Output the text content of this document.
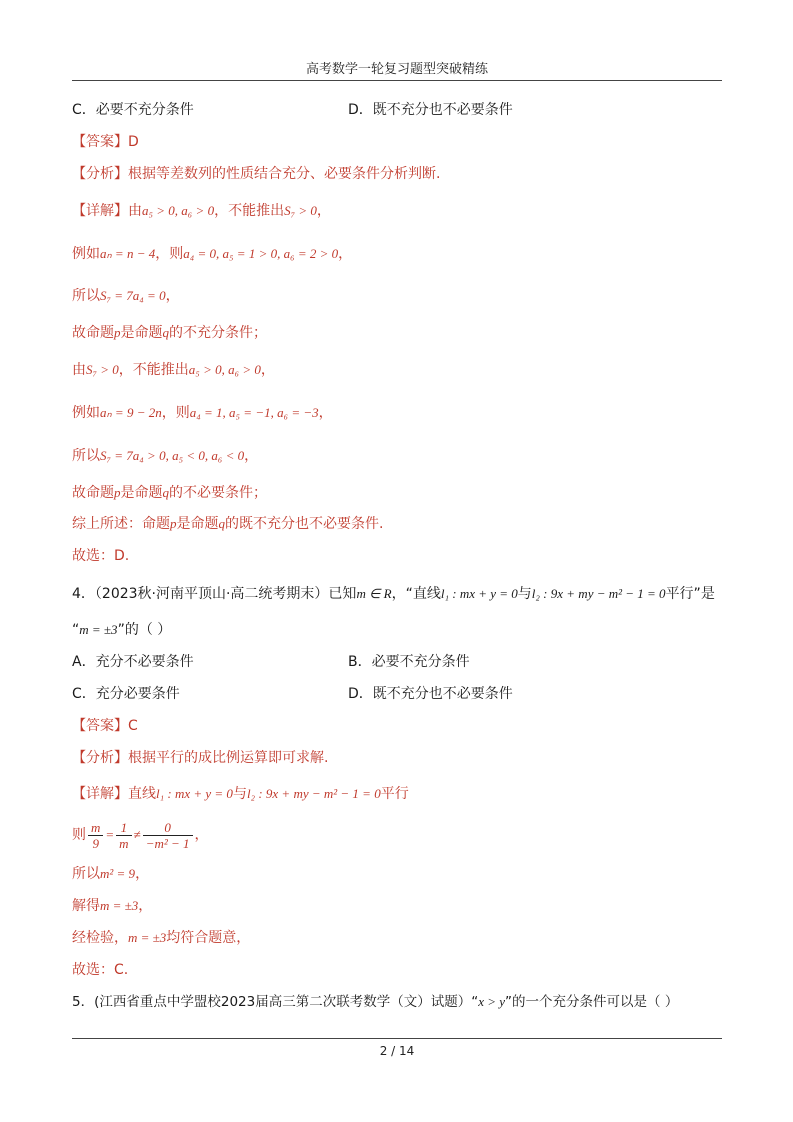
高考数学一轮复习题型突破精练
C．必要不充分条件	D．既不充分也不必要条件
【答案】D
【分析】根据等差数列的性质结合充分、必要条件分析判断.
【详解】由a₅ > 0, a₆ > 0，不能推出S₇ > 0，
例如aₙ = n − 4，则a₄ = 0, a₅ = 1 > 0, a₆ = 2 > 0，
所以S₇ = 7a₄ = 0，
故命题p是命题q的不充分条件；
由S₇ > 0，不能推出a₅ > 0, a₆ > 0，
例如aₙ = 9 − 2n，则a₄ = 1, a₅ = −1, a₆ = −3，
所以S₇ = 7a₄ > 0, a₅ < 0, a₆ < 0，
故命题p是命题q的不必要条件；
综上所述：命题p是命题q的既不充分也不必要条件.
故选：D.
4．（2023秋·河南平顶山·高二统考期末）已知m ∈ R，“直线l₁ : mx + y = 0与l₂ : 9x + my − m² − 1 = 0平行”是
“m = ±3”的（ ）
A．充分不必要条件	B．必要不充分条件
C．充分必要条件	D．既不充分也不必要条件
【答案】C
【分析】根据平行的成比例运算即可求解.
【详解】直线l₁ : mx + y = 0与l₂ : 9x + my − m² − 1 = 0平行
则 $\frac{m}{9} = \frac{1}{m} \ne \frac{0}{\text{−m² − 1}}$ ，
所以m² = 9，
解得m = ±3，
经检验，m = ±3均符合题意，
故选：C.
5．(江西省重点中学盟校2023届高三第二次联考数学（文）试题）“x > y”的一个充分条件可以是（ ）
2 / 14
